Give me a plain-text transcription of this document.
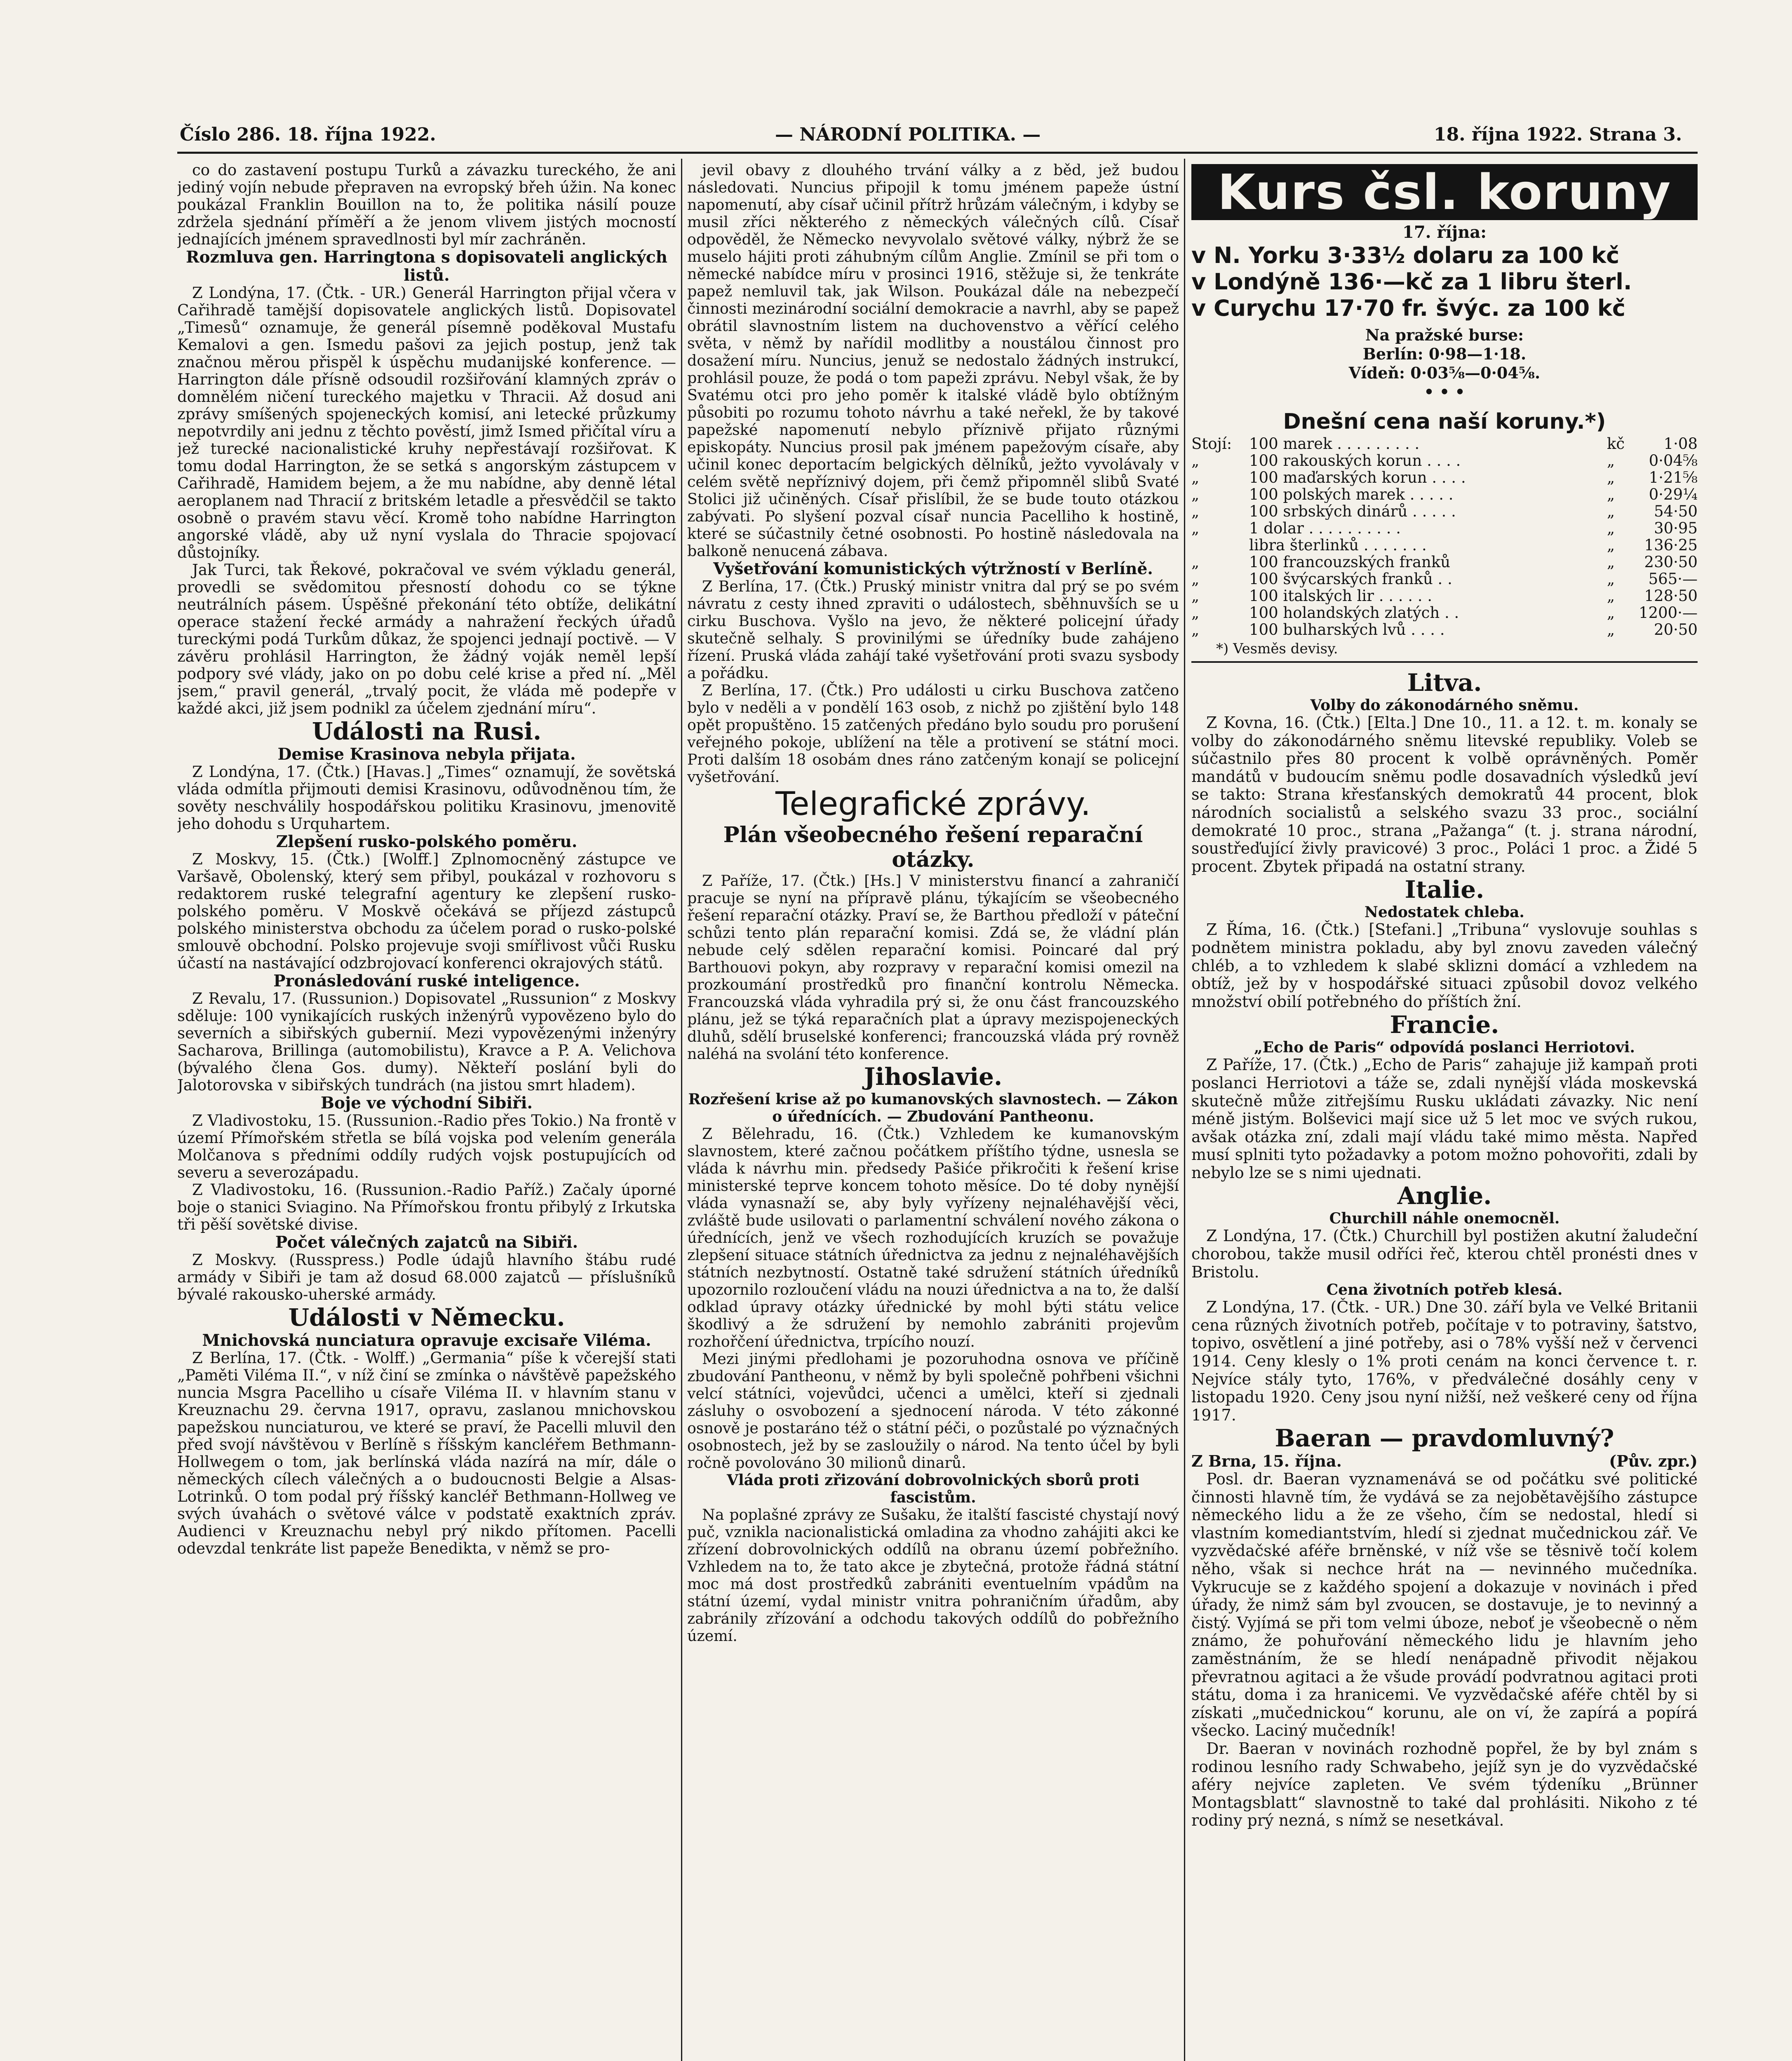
Číslo 286. 18. října 1922.	— NÁRODNÍ POLITIKA. —	18. října 1922. Strana 3.

co do zastavení postupu Turků a závazku tureckého, že ani jediný vojín nebude přepraven na evropský břeh úžin. Na konec poukázal Franklin Bouillon na to, že politika násilí pouze zdržela sjednání příměří a že jenom vlivem jistých mocností jednajících jménem spravedlnosti byl mír zachráněn.

Rozmluva gen. Harringtona s dopisovateli anglických listů.

Z Londýna, 17. (Čtk. - UR.) Generál Harrington přijal včera v Cařihradě tamější dopisovatele anglických listů. Dopisovatel „Timesů“ oznamuje, že generál písemně poděkoval Mustafu Kemalovi a gen. Ismedu pašovi za jejich postup, jenž tak značnou měrou přispěl k úspěchu mudanijské konference. — Harrington dále přísně odsoudil rozšiřování klamných zpráv o domnělém ničení tureckého majetku v Thracii. Až dosud ani zprávy smíšených spojeneckých komisí, ani letecké průzkumy nepotvrdily ani jednu z těchto pověstí, jimž Ismed přičítal víru a jež turecké nacionalistické kruhy nepřestávají rozšiřovat. K tomu dodal Harrington, že se setká s angorským zástupcem v Cařihradě, Hamidem bejem, a že mu nabídne, aby denně létal aeroplanem nad Thracií z britském letadle a přesvědčil se takto osobně o pravém stavu věcí. Kromě toho nabídne Harrington angorské vládě, aby už nyní vyslala do Thracie spojovací důstojníky.

Jak Turci, tak Řekové, pokračoval ve svém výkladu generál, provedli se svědomitou přesností dohodu co se týkne neutrálních pásem. Úspěšné překonání této obtíže, delikátní operace stažení řecké armády a nahražení řeckých úřadů tureckými podá Turkům důkaz, že spojenci jednají poctivě. — V závěru prohlásil Harrington, že žádný voják neměl lepší podpory své vlády, jako on po dobu celé krise a před ní. „Měl jsem,“ pravil generál, „trvalý pocit, že vláda mě podepře v každé akci, již jsem podnikl za účelem zjednání míru“.

Události na Rusi.
Demise Krasinova nebyla přijata.

Z Londýna, 17. (Čtk.) [Havas.] „Times“ oznamují, že sovětská vláda odmítla přijmouti demisi Krasinovu, odůvodněnou tím, že sověty neschválily hospodářskou politiku Krasinovu, jmenovitě jeho dohodu s Urquhartem.

Zlepšení rusko-polského poměru.

Z Moskvy, 15. (Čtk.) [Wolff.] Zplnomocněný zástupce ve Varšavě, Obolenský, který sem přibyl, poukázal v rozhovoru s redaktorem ruské telegrafní agentury ke zlepšení rusko-polského poměru. V Moskvě očekává se příjezd zástupců polského ministerstva obchodu za účelem porad o rusko-polské smlouvě obchodní. Polsko projevuje svoji smířlivost vůči Rusku účastí na nastávající odzbrojovací konferenci okrajových států.

Pronásledování ruské inteligence.

Z Revalu, 17. (Russunion.) Dopisovatel „Russunion“ z Moskvy sděluje: 100 vynikajících ruských inženýrů vypovězeno bylo do severních a sibiřských gubernií. Mezi vypovězenými inženýry Sacharova, Brillinga (automobilistu), Kravce a P. A. Velichova (bývalého člena Gos. dumy). Někteří poslání byli do Jalotorovska v sibiřských tundrách (na jistou smrt hladem).

Boje ve východní Sibiři.

Z Vladivostoku, 15. (Russunion.-Radio přes Tokio.) Na frontě v území Přímořském střetla se bílá vojska pod velením generála Molčanova s předními oddíly rudých vojsk postupujících od severu a severozápadu.

Z Vladivostoku, 16. (Russunion.-Radio Paříž.) Začaly úporné boje o stanici Sviagino. Na Přímořskou frontu přibylý z Irkutska tři pěší sovětské divise.

Počet válečných zajatců na Sibiři.

Z Moskvy. (Russpress.) Podle údajů hlavního štábu rudé armády v Sibiři je tam až dosud 68.000 zajatců — příslušníků bývalé rakousko-uherské armády.

Události v Německu.
Mnichovská nunciatura opravuje excisaře Viléma.

Z Berlína, 17. (Čtk. - Wolff.) „Germania“ píše k včerejší stati „Paměti Viléma II.“, v níž činí se zmínka o návštěvě papežského nuncia Msgra Pacelliho u císaře Viléma II. v hlavním stanu v Kreuznachu 29. června 1917, opravu, zaslanou mnichovskou papežskou nunciaturou, ve které se praví, že Pacelli mluvil den před svojí návštěvou v Berlíně s říšským kancléřem Bethmann-Hollwegem o tom, jak berlínská vláda nazírá na mír, dále o německých cílech válečných a o budoucnosti Belgie a Alsas-Lotrinků. O tom podal prý říšský kancléř Bethmann-Hollweg ve svých úvahách o světové válce v podstatě exaktních zpráv. Audienci v Kreuznachu nebyl prý nikdo přítomen. Pacelli odevzdal tenkráte list papeže Benedikta, v němž se pro-

jevil obavy z dlouhého trvání války a z běd, jež budou následovati. Nuncius připojil k tomu jménem papeže ústní napomenutí, aby císař učinil přítrž hrůzám válečným, i kdyby se musil zříci některého z německých válečných cílů. Císař odpověděl, že Německo nevyvolalo světové války, nýbrž že se muselo hájiti proti záhubným cílům Anglie. Zmínil se při tom o německé nabídce míru v prosinci 1916, stěžuje si, že tenkráte papež nemluvil tak, jak Wilson. Poukázal dále na nebezpečí činnosti mezinárodní sociální demokracie a navrhl, aby se papež obrátil slavnostním listem na duchovenstvo a věřící celého světa, v němž by nařídil modlitby a noustálou činnost pro dosažení míru. Nuncius, jenuž se nedostalo žádných instrukcí, prohlásil pouze, že podá o tom papeži zprávu. Nebyl však, že by Svatému otci pro jeho poměr k italské vládě bylo obtížným působiti po rozumu tohoto návrhu a také neřekl, že by takové papežské napomenutí nebylo příznivě přijato různými episkopáty. Nuncius prosil pak jménem papežovým císaře, aby učinil konec deportacím belgických dělníků, ježto vyvolávaly v celém světě nepříznivý dojem, při čemž připomněl slibů Svaté Stolici již učiněných. Císař přislíbil, že se bude touto otázkou zabývati. Po slyšení pozval císař nuncia Pacelliho k hostině, které se súčastnily četné osobnosti. Po hostině následovala na balkoně nenucená zábava.

Vyšetřování komunistických výtržností v Berlíně.

Z Berlína, 17. (Čtk.) Pruský ministr vnitra dal prý se po svém návratu z cesty ihned zpraviti o událostech, sběhnuvších se u cirku Buschova. Vyšlo na jevo, že některé policejní úřady skutečně selhaly. S provinilými se úředníky bude zahájeno řízení. Pruská vláda zahájí také vyšetřování proti svazu sysbody a pořádku.

Z Berlína, 17. (Čtk.) Pro události u cirku Buschova zatčeno bylo v neděli a v pondělí 163 osob, z nichž po zjištění bylo 148 opět propuštěno. 15 zatčených předáno bylo soudu pro porušení veřejného pokoje, ublížení na těle a protivení se státní moci. Proti dalším 18 osobám dnes ráno zatčeným konají se policejní vyšetřování.

Telegrafické zprávy.
Plán všeobecného řešení reparační otázky.

Z Paříže, 17. (Čtk.) [Hs.] V ministerstvu financí a zahraničí pracuje se nyní na přípravě plánu, týkajícím se všeobecného řešení reparační otázky. Praví se, že Barthou předloží v páteční schůzi tento plán reparační komisi. Zdá se, že vládní plán nebude celý sdělen reparační komisi. Poincaré dal prý Barthouovi pokyn, aby rozpravy v reparační komisi omezil na prozkoumání prostředků pro finanční kontrolu Německa. Francouzská vláda vyhradila prý si, že onu část francouzského plánu, jež se týká reparačních plat a úpravy mezispojeneckých dluhů, sdělí bruselské konferenci; francouzská vláda prý rovněž naléhá na svolání této konference.

Jihoslavie.
Rozřešení krise až po kumanovských slavnostech. — Zákon o úřednících. — Zbudování Pantheonu.

Z Bělehradu, 16. (Čtk.) Vzhledem ke kumanovským slavnostem, které začnou počátkem příštího týdne, usnesla se vláda k návrhu min. předsedy Pašiće přikročiti k řešení krise ministerské teprve koncem tohoto měsíce. Do té doby nynější vláda vynasnaží se, aby byly vyřízeny nejnaléhavější věci, zvláště bude usilovati o parlamentní schválení nového zákona o úřednících, jenž ve všech rozhodujících kruzích se považuje zlepšení situace státních úřednictva za jednu z nejnaléhavějších státních nezbytností. Ostatně také sdružení státních úředníků upozornilo rozloučení vládu na nouzi úřednictva a na to, že další odklad úpravy otázky úřednické by mohl býti státu velice škodlivý a že sdružení by nemohlo zabrániti projevům rozhořčení úřednictva, trpícího nouzí.

Mezi jinými předlohami je pozoruhodna osnova ve příčině zbudování Pantheonu, v němž by byli společně pohřbeni všichni velcí státníci, vojevůdci, učenci a umělci, kteří si zjednali zásluhy o osvobození a sjednocení národa. V této zákonné osnově je postaráno též o státní péči, o pozůstalé po význačných osobnostech, jež by se zasloužily o národ. Na tento účel by byli ročně povolováno 30 milionů dinarů.

Vláda proti zřizování dobrovolnických sborů proti fascistům.

Na poplašné zprávy ze Sušaku, že italští fascisté chystají nový puč, vznikla nacionalistická omladina za vhodno zahájiti akci ke zřízení dobrovolnických oddílů na obranu území pobřežního. Vzhledem na to, že tato akce je zbytečná, protože řádná státní moc má dost prostředků zabrániti eventuelním vpádům na státní území, vydal ministr vnitra pohraničním úřadům, aby zabránily zřízování a odchodu takových oddílů do pobřežního území.

Kurs čsl. koruny
17. října:
v N. Yorku 3·33½ dolaru za 100 kč
v Londýně 136·—kč za 1 libru šterl.
v Curychu 17·70 fr. švýc. za 100 kč
Na pražské burse:
Berlín: 0·98—1·18.
Vídeň: 0·03⅝—0·04⅝.
• • •
Dnešní cena naší koruny.*)
Stojí:	100 marek . . . . . . . . .	kč	1·08
„	100 rakouských korun . . . .	„	0·04⅝
„	100 maďarských korun . . . .	„	1·21⅝
„	100 polských marek . . . . .	„	0·29¼
„	100 srbských dinárů . . . . .	„	54·50
„	1 dolar . . . . . . . . . .	„	30·95
	libra šterlinků . . . . . . .	„	136·25
„	100 francouzských franků	„	230·50
„	100 švýcarských franků . .	„	565·—
„	100 italských lir . . . . . .	„	128·50
„	100 holandských zlatých . .	„	1200·—
„	100 bulharských lvů . . . .	„	20·50
*) Vesměs devisy.
Litva.
Volby do zákonodárného sněmu.

Z Kovna, 16. (Čtk.) [Elta.] Dne 10., 11. a 12. t. m. konaly se volby do zákonodárného sněmu litevské republiky. Voleb se súčastnilo přes 80 procent k volbě oprávněných. Poměr mandátů v budoucím sněmu podle dosavadních výsledků jeví se takto: Strana křesťanských demokratů 44 procent, blok národních socialistů a selského svazu 33 proc., sociální demokraté 10 proc., strana „Pažanga“ (t. j. strana národní, soustřeďující živly pravicové) 3 proc., Poláci 1 proc. a Židé 5 procent. Zbytek připadá na ostatní strany.

Italie.
Nedostatek chleba.

Z Říma, 16. (Čtk.) [Stefani.] „Tribuna“ vyslovuje souhlas s podnětem ministra pokladu, aby byl znovu zaveden válečný chléb, a to vzhledem k slabé sklizni domácí a vzhledem na obtíž, jež by v hospodářské situaci způsobil dovoz velkého množství obilí potřebného do příštích žní.

Francie.
„Echo de Paris“ odpovídá poslanci Herriotovi.

Z Paříže, 17. (Čtk.) „Echo de Paris“ zahajuje již kampaň proti poslanci Herriotovi a táže se, zdali nynější vláda moskevská skutečně může zitřejšímu Rusku ukládati závazky. Nic není méně jistým. Bolševici mají sice už 5 let moc ve svých rukou, avšak otázka zní, zdali mají vládu také mimo města. Napřed musí splniti tyto požadavky a potom možno pohovořiti, zdali by nebylo lze se s nimi ujednati.

Anglie.
Churchill náhle onemocněl.

Z Londýna, 17. (Čtk.) Churchill byl postižen akutní žaludeční chorobou, takže musil odříci řeč, kterou chtěl pronésti dnes v Bristolu.

Cena životních potřeb klesá.

Z Londýna, 17. (Čtk. - UR.) Dne 30. září byla ve Velké Britanii cena různých životních potřeb, počítaje v to potraviny, šatstvo, topivo, osvětlení a jiné potřeby, asi o 78% vyšší než v červenci 1914. Ceny klesly o 1% proti cenám na konci července t. r. Nejvíce stály tyto, 176%, v předválečné dosáhly ceny v listopadu 1920. Ceny jsou nyní nižší, než veškeré ceny od října 1917.

Baeran — pravdomluvný?
Z Brna, 15. října.	(Pův. zpr.)

Posl. dr. Baeran vyznamenává se od počátku své politické činnosti hlavně tím, že vydává se za nejobětavějšího zástupce německého lidu a že ze všeho, čím se nedostal, hledí si vlastním komediantstvím, hledí si zjednat mučednickou zář. Ve vyzvědačské aféře brněnské, v níž vše se těsnivě točí kolem něho, však si nechce hrát na — nevinného mučedníka. Vykrucuje se z každého spojení a dokazuje v novinách i před úřady, že nimž sám byl zvoucen, se dostavuje, je to nevinný a čistý. Vyjímá se při tom velmi úboze, neboť je všeobecně o něm známo, že pohuřování německého lidu je hlavním jeho zaměstnáním, že se hledí nenápadně přivodit nějakou převratnou agitaci a že všude provádí podvratnou agitaci proti státu, doma i za hranicemi. Ve vyzvědačské aféře chtěl by si získati „mučednickou“ korunu, ale on ví, že zapírá a popírá všecko. Laciný mučedník!

Dr. Baeran v novinách rozhodně popřel, že by byl znám s rodinou lesního rady Schwabeho, jejíž syn je do vyzvědačské aféry nejvíce zapleten. Ve svém týdeníku „Brünner Montagsblatt“ slavnostně to také dal prohlásiti. Nikoho z té rodiny prý nezná, s nímž se nesetkával.
